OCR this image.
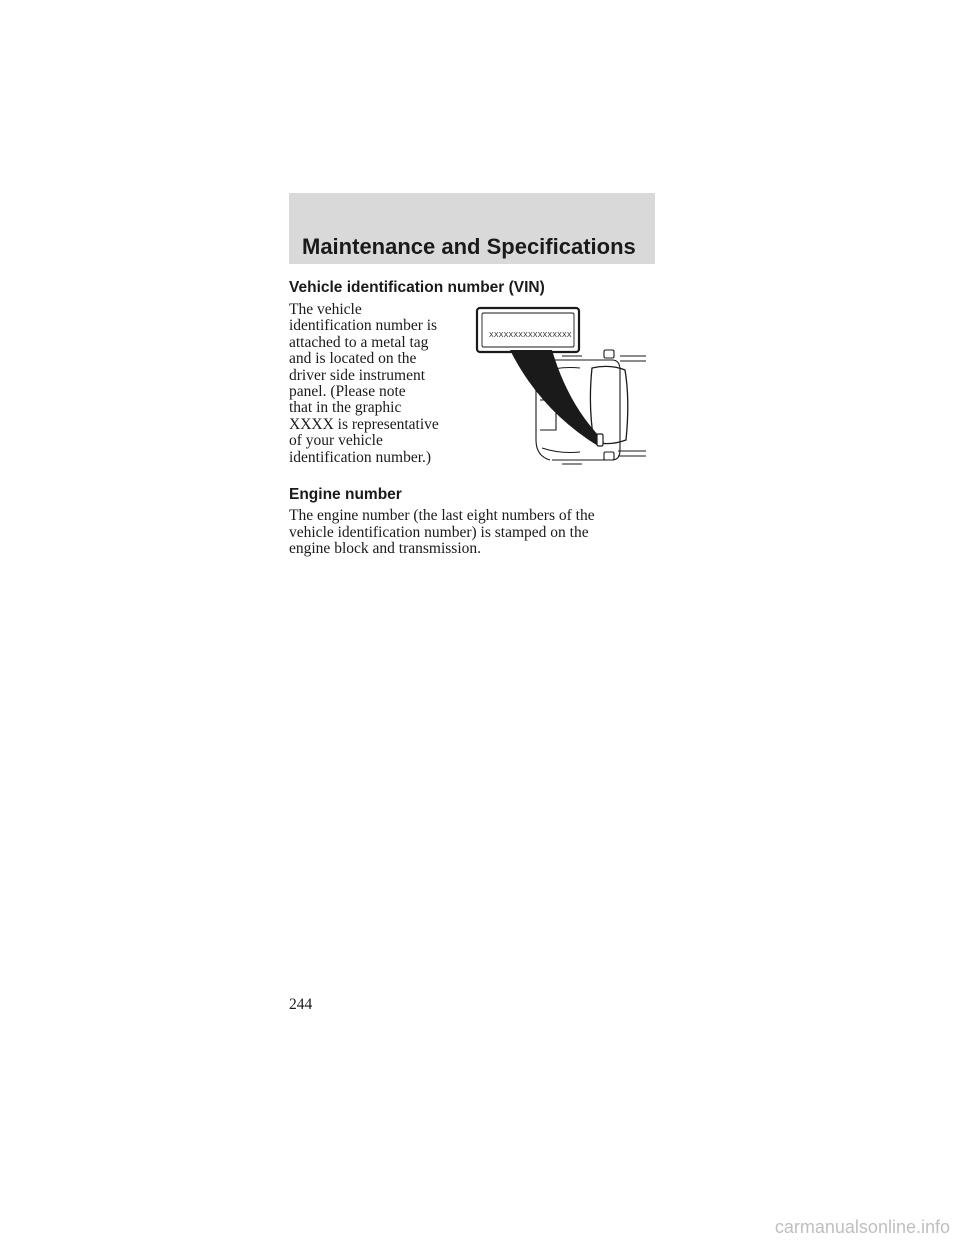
Maintenance and Specifications
Vehicle identification number (VIN)

The vehicle
identification number is
attached to a metal tag
and is located on the
driver side instrument
panel. (Please note
that in the graphic
XXXX is representative
of your vehicle
identification number.)

XXXXXXXXXXXXXXXXX
Engine number

The engine number (the last eight numbers of the
vehicle identification number) is stamped on the
engine block and transmission.

244

carmanualsonline.info
